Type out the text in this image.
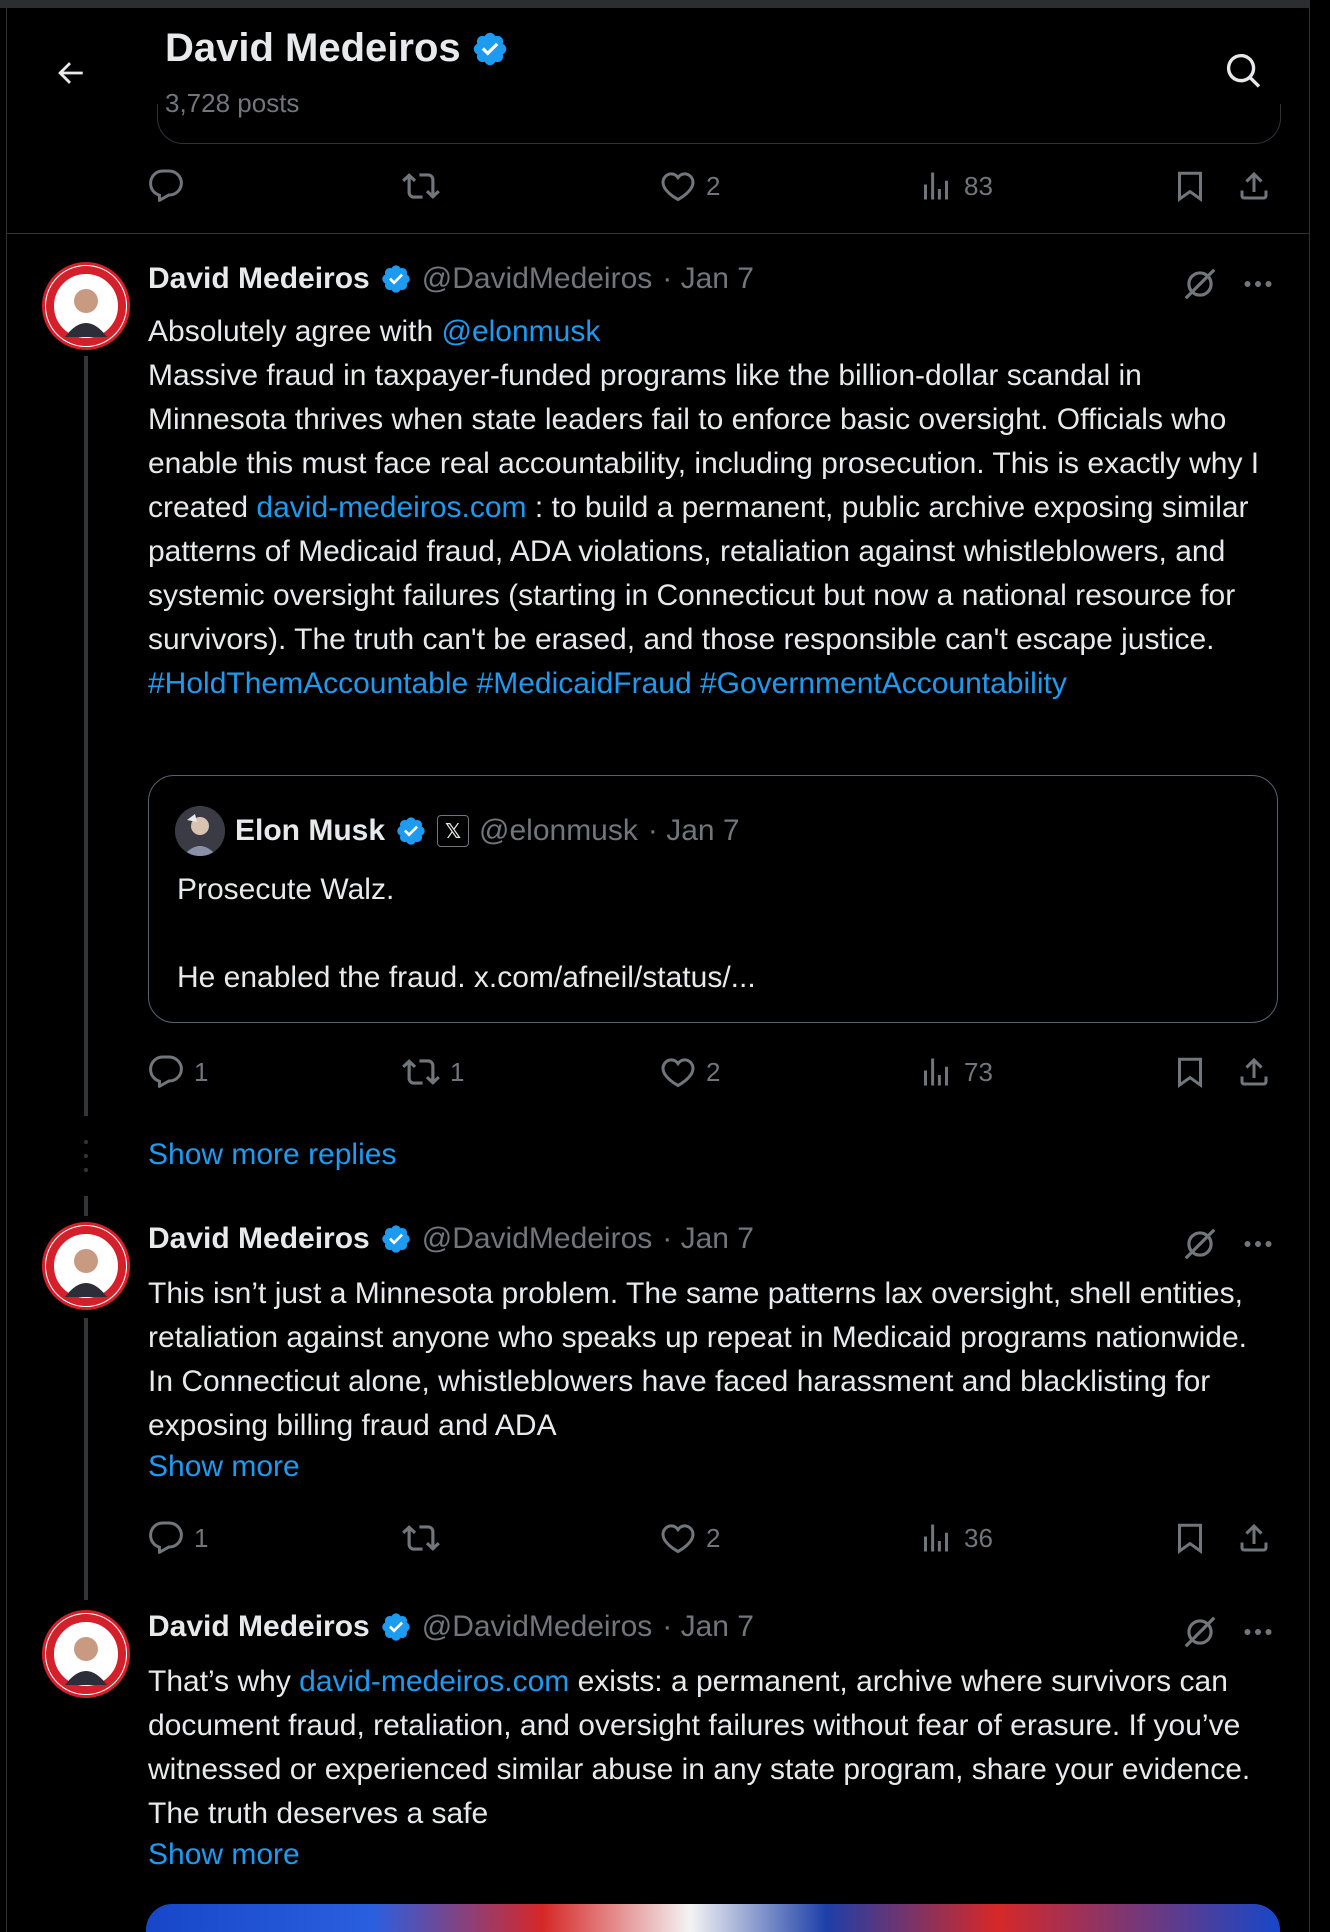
David Medeiros
3,728 posts
2	83
David Medeiros @DavidMedeiros · Jan 7
Absolutely agree with @elonmusk
Massive fraud in taxpayer-funded programs like the billion-dollar scandal in Minnesota thrives when state leaders fail to enforce basic oversight. Officials who enable this must face real accountability, including prosecution. This is exactly why I created david-medeiros.com : to build a permanent, public archive exposing similar patterns of Medicaid fraud, ADA violations, retaliation against whistleblowers, and systemic oversight failures (starting in Connecticut but now a national resource for survivors). The truth can't be erased, and those responsible can't escape justice.
#HoldThemAccountable #MedicaidFraud #GovernmentAccountability
Elon Musk	𝕏 @elonmusk · Jan 7
Prosecute Walz.
He enabled the fraud. x.com/afneil/status/...
1	1	2	73
Show more replies
David Medeiros @DavidMedeiros · Jan 7
This isn’t just a Minnesota problem. The same patterns lax oversight, shell entities, retaliation against anyone who speaks up repeat in Medicaid programs nationwide. In Connecticut alone, whistleblowers have faced harassment and blacklisting for exposing billing fraud and ADA
Show more
1	2	36
David Medeiros @DavidMedeiros · Jan 7
That’s why david-medeiros.com exists: a permanent, archive where survivors can document fraud, retaliation, and oversight failures without fear of erasure. If you’ve witnessed or experienced similar abuse in any state program, share your evidence. The truth deserves a safe
Show more
